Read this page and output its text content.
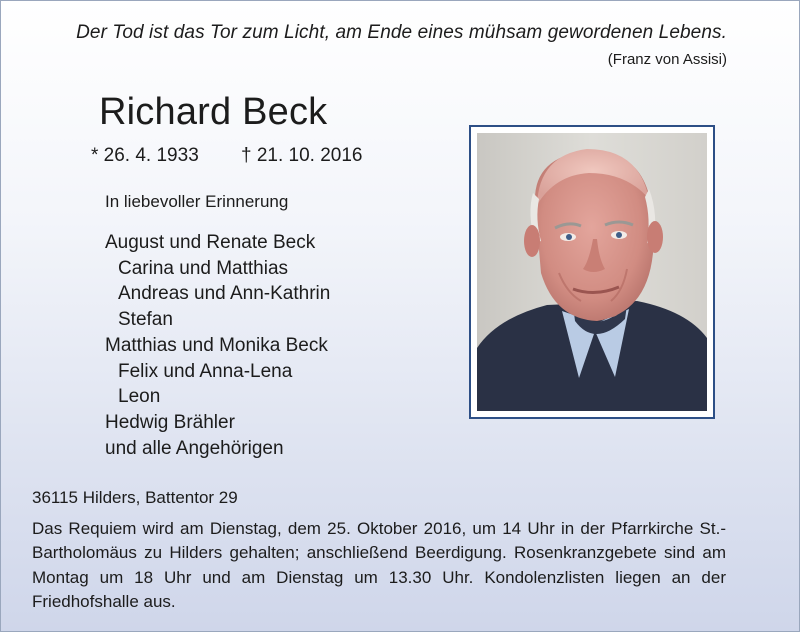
Der Tod ist das Tor zum Licht, am Ende eines mühsam gewordenen Lebens.
(Franz von Assisi)
Richard Beck
* 26. 4. 1933 † 21. 10. 2016
In liebevoller Erinnerung
August und Renate Beck
Carina und Matthias
Andreas und Ann-Kathrin
Stefan
Matthias und Monika Beck
Felix und Anna-Lena
Leon
Hedwig Brähler
und alle Angehörigen
36115 Hilders, Battentor 29
Das Requiem wird am Dienstag, dem 25. Oktober 2016, um 14 Uhr in der Pfarrkirche St.-Bartholomäus zu Hilders gehalten; anschließend Beerdigung. Rosenkranzgebete sind am Montag um 18 Uhr und am Dienstag um 13.30 Uhr. Kondolenzlisten liegen an der Friedhofshalle aus.
